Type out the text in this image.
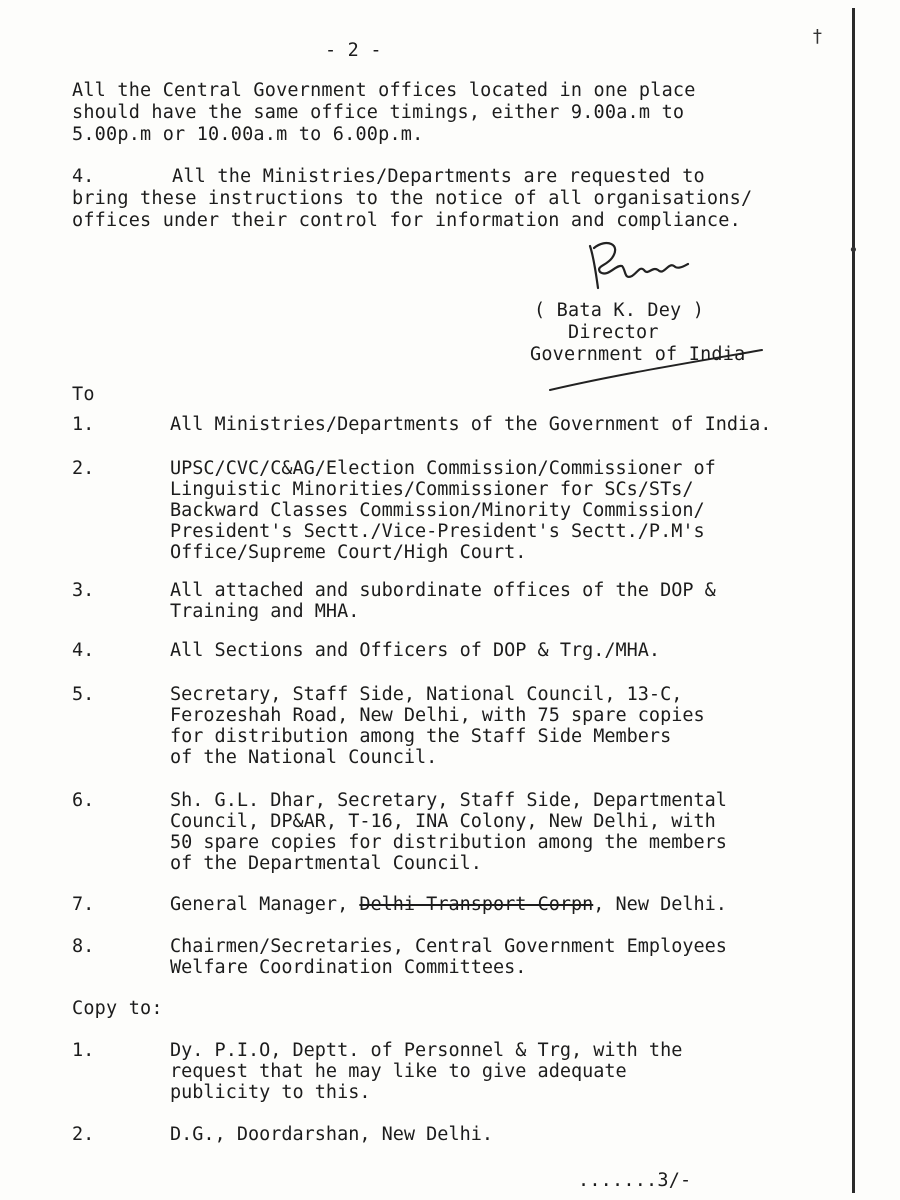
†
•
- 2 -
All the Central Government offices located in one place
should have the same office timings, either 9.00a.m to
5.00p.m or 10.00a.m to 6.00p.m.
4.	All the Ministries/Departments are requested to
bring these instructions to the notice of all organisations/
offices under their control for information and compliance.
( Bata K. Dey )
Director
Government of India
To
1.	All Ministries/Departments of the Government of India.
2.	UPSC/CVC/C&AG/Election Commission/Commissioner of
Linguistic Minorities/Commissioner for SCs/STs/
Backward Classes Commission/Minority Commission/
President's Sectt./Vice-President's Sectt./P.M's
Office/Supreme Court/High Court.
3.	All attached and subordinate offices of the DOP &
Training and MHA.
4.	All Sections and Officers of DOP & Trg./MHA.
5.	Secretary, Staff Side, National Council, 13-C,
Ferozeshah Road, New Delhi, with 75 spare copies
for distribution among the Staff Side Members
of the National Council.
6.	Sh. G.L. Dhar, Secretary, Staff Side, Departmental
Council, DP&AR, T-16, INA Colony, New Delhi, with
50 spare copies for distribution among the members
of the Departmental Council.
7.	General Manager, Delhi Transport Corpn, New Delhi.
8.	Chairmen/Secretaries, Central Government Employees
Welfare Coordination Committees.
Copy to:
1.	Dy. P.I.O, Deptt. of Personnel & Trg, with the
request that he may like to give adequate
publicity to this.
2.	D.G., Doordarshan, New Delhi.
.......3/-
